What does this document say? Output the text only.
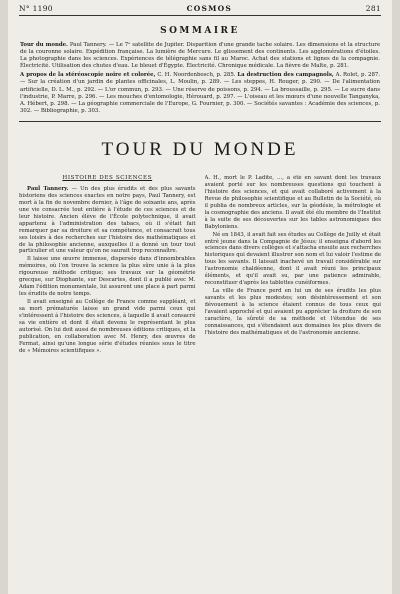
N° 1190	COSMOS	281
SOMMAIRE

Tour du monde. Paul Tannery. — Le 7ᵉ satellite de Jupiter. Disparition d'une grande tache solaire. Les dimensions et la structure de la couronne solaire. Expédition française. La lumière de Mercure. Le glissement des continents. Les agglomérations d'étoiles. La photographie dans les sciences. Expériences de télégraphie sans fil au Maroc. Achat des stations et lignes de la compagnie. Électricité. Utilisation des chutes d'eau. Le bleuet d'Égypte. Électricité. Chronique médicale. La fièvre de Malte, p. 281.

A propos de la stéréoscopie noire et colorée, C. H. Noordenbosch, p. 285. La destruction des campagnols, A. Rolet, p. 287. — Sur la création d'un jardin de plantes officinales, L. Moulin, p. 289. — Les steppes, H. Rouger, p. 290. — De l'alimentation artificielle, D. L. M., p. 292. — L'or commun, p. 293. — Une réserve de poissons, p. 294. — La broussaille, p. 295. — Le sucre dans l'industrie, P. Marre, p. 296. — Les mouches d'entomologie, Hérouard, p. 297. — L'oiseau et les mœurs d'une nouvelle Tanganyka, A. Hébert, p. 298. — La géographie commerciale de l'Europe, G. Fournier, p. 300. — Sociétés savantes : Académie des sciences, p. 302. — Bibliographie, p. 303.

TOUR DU MONDE
HISTOIRE DES SCIENCES

Paul Tannery. — Un des plus érudits et des plus savants historiens des sciences exactes en notre pays, Paul Tannery, est mort à la fin de novembre dernier, à l'âge de soixante ans, après une vie consacrée tout entière à l'étude de ces sciences et de leur histoire. Ancien élève de l'École polytechnique, il avait appartenu à l'administration des tabacs, où il s'était fait remarquer par sa droiture et sa compétence, et consacrait tous ses loisirs à des recherches sur l'histoire des mathématiques et de la philosophie ancienne, auxquelles il a donné un tour tout particulier et une valeur qu'on ne saurait trop reconnaître.

Il laisse une œuvre immense, dispersée dans d'innombrables mémoires, où l'on trouve la science la plus sûre unie à la plus rigoureuse méthode critique; ses travaux sur la géométrie grecque, sur Diophante, sur Descartes, dont il a publié avec M. Adam l'édition monumentale, lui assurent une place à part parmi les érudits de notre temps.

Il avait enseigné au Collège de France comme suppléant, et sa mort prématurée laisse un grand vide parmi ceux qui s'intéressent à l'histoire des sciences, à laquelle il avait consacré sa vie entière et dont il était devenu le représentant le plus autorisé. On lui doit aussi de nombreuses éditions critiques, et la publication, en collaboration avec M. Henry, des œuvres de Fermat, ainsi qu'une longue série d'études réunies sous le titre de « Mémoires scientifiques ».

A. H., mort le P. Ladite, ..., a été en savant dont les travaux avaient porté sur les nombreuses questions qui touchent à l'histoire des sciences, et qui avait collaboré activement à la Revue de philosophie scientifique et au Bulletin de la Société, où il publia de nombreux articles, sur la géodésie, la métrologie et la cosmographie des anciens. Il avait été élu membre de l'Institut à la suite de ses découvertes sur les tables astronomiques des Babyloniens.

Né en 1843, il avait fait ses études au Collège de Juilly et était entré jeune dans la Compagnie de Jésus; il enseigna d'abord les sciences dans divers collèges et s'attacha ensuite aux recherches historiques qui devaient illustrer son nom et lui valoir l'estime de tous les savants. Il laissait inachevé un travail considérable sur l'astronomie chaldéenne, dont il avait réuni les principaux éléments, et qu'il avait su, par une patience admirable, reconstituer d'après les tablettes cunéiformes.

La ville de France perd en lui un de ses érudits les plus savants et les plus modestes; son désintéressement et son dévouement à la science étaient connus de tous ceux qui l'avaient approché et qui avaient pu apprécier la droiture de son caractère, la sûreté de sa méthode et l'étendue de ses connaissances, qui s'étendaient aux domaines les plus divers de l'histoire des mathématiques et de l'astronomie ancienne.
